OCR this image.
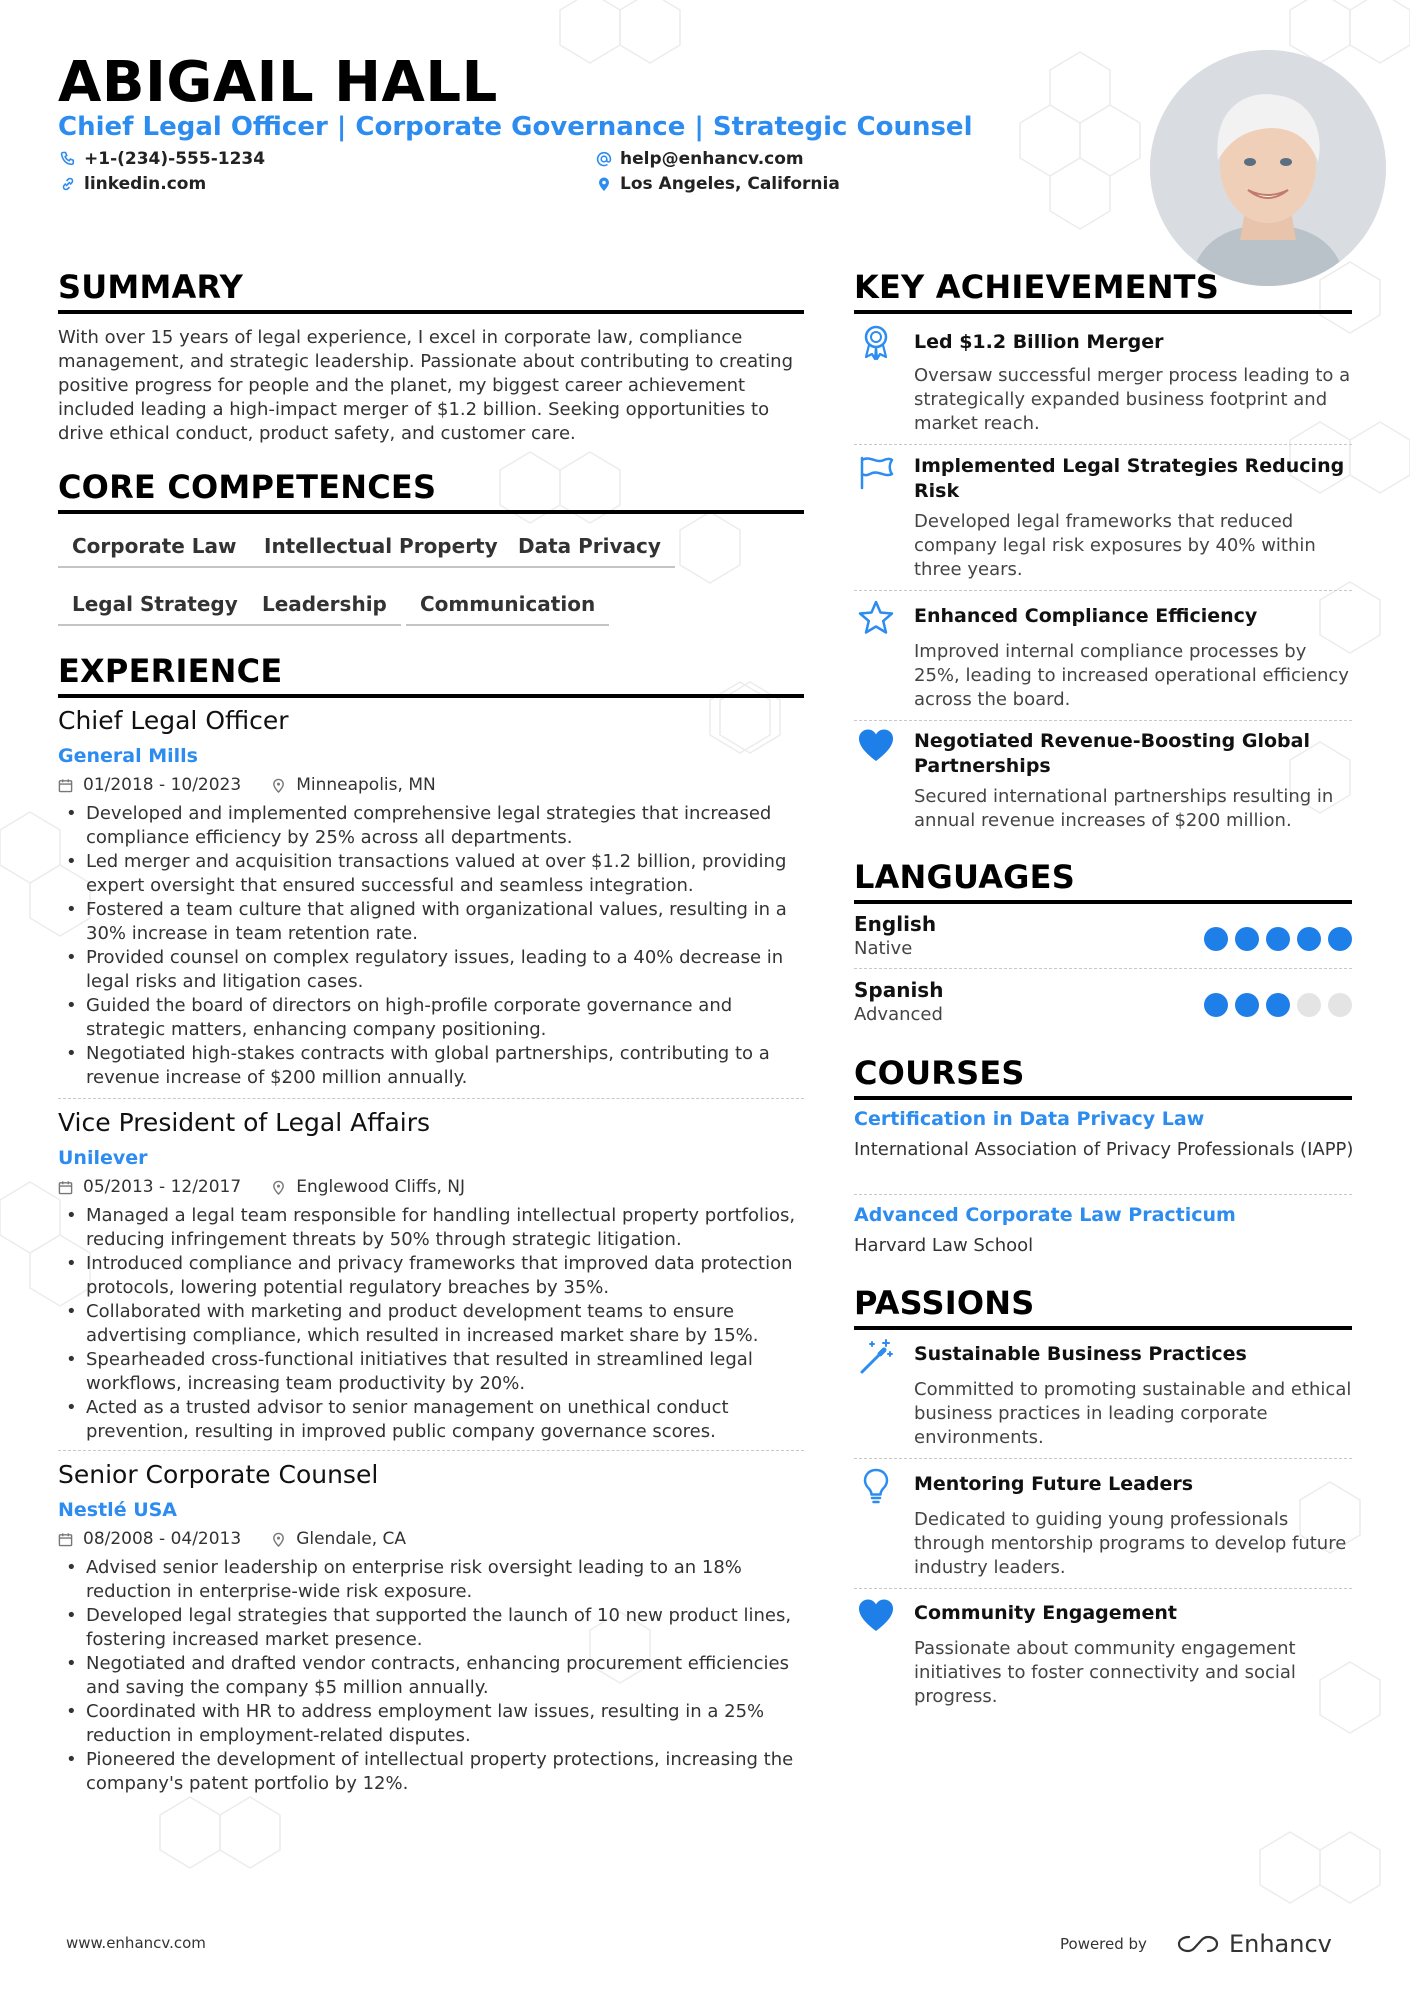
ABIGAIL HALL
Chief Legal Officer | Corporate Governance | Strategic Counsel
+1-(234)-555-1234	help@enhancv.com
linkedin.com	Los Angeles, California
SUMMARY
With over 15 years of legal experience, I excel in corporate law, compliance management, and strategic leadership. Passionate about contributing to creating positive progress for people and the planet, my biggest career achievement included leading a high-impact merger of $1.2 billion. Seeking opportunities to drive ethical conduct, product safety, and customer care.
CORE COMPETENCES
Corporate Law	Intellectual Property	Data Privacy
Legal Strategy	Leadership	Communication
EXPERIENCE
Chief Legal Officer
General Mills
01/2018 - 10/2023	Minneapolis, MN
• Developed and implemented comprehensive legal strategies that increased compliance efficiency by 25% across all departments.
• Led merger and acquisition transactions valued at over $1.2 billion, providing expert oversight that ensured successful and seamless integration.
• Fostered a team culture that aligned with organizational values, resulting in a 30% increase in team retention rate.
• Provided counsel on complex regulatory issues, leading to a 40% decrease in legal risks and litigation cases.
• Guided the board of directors on high-profile corporate governance and strategic matters, enhancing company positioning.
• Negotiated high-stakes contracts with global partnerships, contributing to a revenue increase of $200 million annually.
Vice President of Legal Affairs
Unilever
05/2013 - 12/2017	Englewood Cliffs, NJ
• Managed a legal team responsible for handling intellectual property portfolios, reducing infringement threats by 50% through strategic litigation.
• Introduced compliance and privacy frameworks that improved data protection protocols, lowering potential regulatory breaches by 35%.
• Collaborated with marketing and product development teams to ensure advertising compliance, which resulted in increased market share by 15%.
• Spearheaded cross-functional initiatives that resulted in streamlined legal workflows, increasing team productivity by 20%.
• Acted as a trusted advisor to senior management on unethical conduct prevention, resulting in improved public company governance scores.
Senior Corporate Counsel
Nestlé USA
08/2008 - 04/2013	Glendale, CA
• Advised senior leadership on enterprise risk oversight leading to an 18% reduction in enterprise-wide risk exposure.
• Developed legal strategies that supported the launch of 10 new product lines, fostering increased market presence.
• Negotiated and drafted vendor contracts, enhancing procurement efficiencies and saving the company $5 million annually.
• Coordinated with HR to address employment law issues, resulting in a 25% reduction in employment-related disputes.
• Pioneered the development of intellectual property protections, increasing the company's patent portfolio by 12%.
KEY ACHIEVEMENTS
Led $1.2 Billion Merger
Oversaw successful merger process leading to a strategically expanded business footprint and market reach.
Implemented Legal Strategies Reducing Risk
Developed legal frameworks that reduced company legal risk exposures by 40% within three years.
Enhanced Compliance Efficiency
Improved internal compliance processes by 25%, leading to increased operational efficiency across the board.
Negotiated Revenue-Boosting Global Partnerships
Secured international partnerships resulting in annual revenue increases of $200 million.
LANGUAGES
English
Native
Spanish
Advanced
COURSES
Certification in Data Privacy Law
International Association of Privacy Professionals (IAPP)
Advanced Corporate Law Practicum
Harvard Law School
PASSIONS
Sustainable Business Practices
Committed to promoting sustainable and ethical business practices in leading corporate environments.
Mentoring Future Leaders
Dedicated to guiding young professionals through mentorship programs to develop future industry leaders.
Community Engagement
Passionate about community engagement initiatives to foster connectivity and social progress.
www.enhancv.com	Powered by	Enhancv
